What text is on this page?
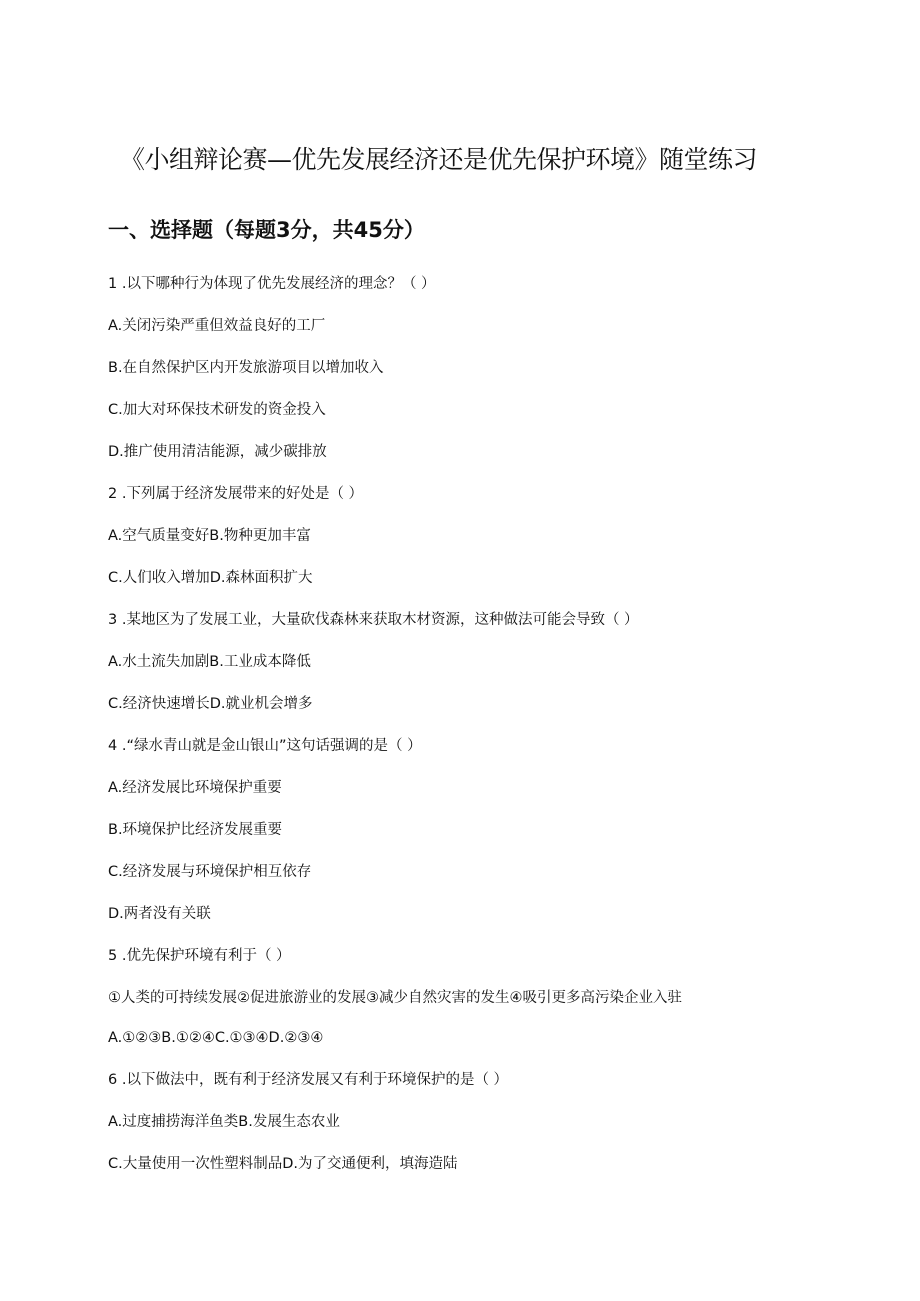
《小组辩论赛—优先发展经济还是优先保护环境》随堂练习
一、选择题（每题3分，共45分）
1 .以下哪种行为体现了优先发展经济的理念？（ ）
A.关闭污染严重但效益良好的工厂
B.在自然保护区内开发旅游项目以增加收入
C.加大对环保技术研发的资金投入
D.推广使用清洁能源，减少碳排放
2 .下列属于经济发展带来的好处是（ ）
A.空气质量变好B.物种更加丰富
C.人们收入增加D.森林面积扩大
3 .某地区为了发展工业，大量砍伐森林来获取木材资源，这种做法可能会导致（ ）
A.水土流失加剧B.工业成本降低
C.经济快速增长D.就业机会增多
4 .“绿水青山就是金山银山”这句话强调的是（ ）
A.经济发展比环境保护重要
B.环境保护比经济发展重要
C.经济发展与环境保护相互依存
D.两者没有关联
5 .优先保护环境有利于（ ）
①人类的可持续发展②促进旅游业的发展③减少自然灾害的发生④吸引更多高污染企业入驻
A.①②③B.①②④C.①③④D.②③④
6 .以下做法中，既有利于经济发展又有利于环境保护的是（ ）
A.过度捕捞海洋鱼类B.发展生态农业
C.大量使用一次性塑料制品D.为了交通便利，填海造陆
